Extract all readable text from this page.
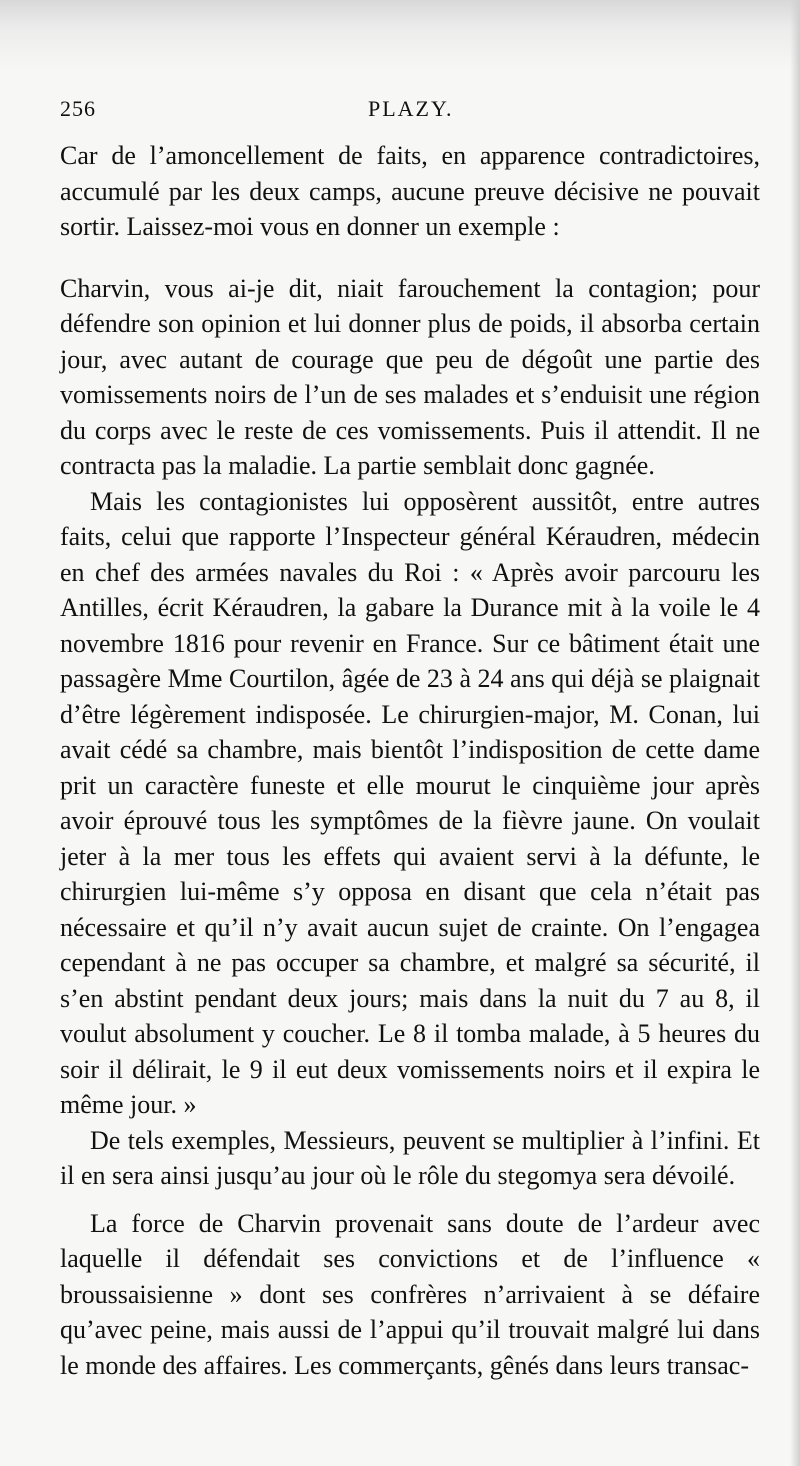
256	PLAZY.

Car de l’amoncellement de faits, en apparence contradictoires, accumulé par les deux camps, aucune preuve décisive ne pouvait sortir. Laissez-moi vous en donner un exemple :

Charvin, vous ai-je dit, niait farouchement la contagion; pour défendre son opinion et lui donner plus de poids, il absorba certain jour, avec autant de courage que peu de dégoût une partie des vomissements noirs de l’un de ses malades et s’enduisit une région du corps avec le reste de ces vomissements. Puis il attendit. Il ne contracta pas la maladie. La partie semblait donc gagnée.

Mais les contagionistes lui opposèrent aussitôt, entre autres faits, celui que rapporte l’Inspecteur général Kéraudren, médecin en chef des armées navales du Roi : « Après avoir parcouru les Antilles, écrit Kéraudren, la gabare la Durance mit à la voile le 4 novembre 1816 pour revenir en France. Sur ce bâtiment était une passagère Mme Courtilon, âgée de 23 à 24 ans qui déjà se plaignait d’être légèrement indisposée. Le chirurgien-major, M. Conan, lui avait cédé sa chambre, mais bientôt l’indisposition de cette dame prit un caractère funeste et elle mourut le cinquième jour après avoir éprouvé tous les symptômes de la fièvre jaune. On voulait jeter à la mer tous les effets qui avaient servi à la défunte, le chirurgien lui-même s’y opposa en disant que cela n’était pas nécessaire et qu’il n’y avait aucun sujet de crainte. On l’engagea cependant à ne pas occuper sa chambre, et malgré sa sécurité, il s’en abstint pendant deux jours; mais dans la nuit du 7 au 8, il voulut absolument y coucher. Le 8 il tomba malade, à 5 heures du soir il délirait, le 9 il eut deux vomissements noirs et il expira le même jour. »

De tels exemples, Messieurs, peuvent se multiplier à l’infini. Et il en sera ainsi jusqu’au jour où le rôle du stegomya sera dévoilé.

La force de Charvin provenait sans doute de l’ardeur avec laquelle il défendait ses convictions et de l’influence « broussaisienne » dont ses confrères n’arrivaient à se défaire qu’avec peine, mais aussi de l’appui qu’il trouvait malgré lui dans le monde des affaires. Les commerçants, gênés dans leurs transac-
